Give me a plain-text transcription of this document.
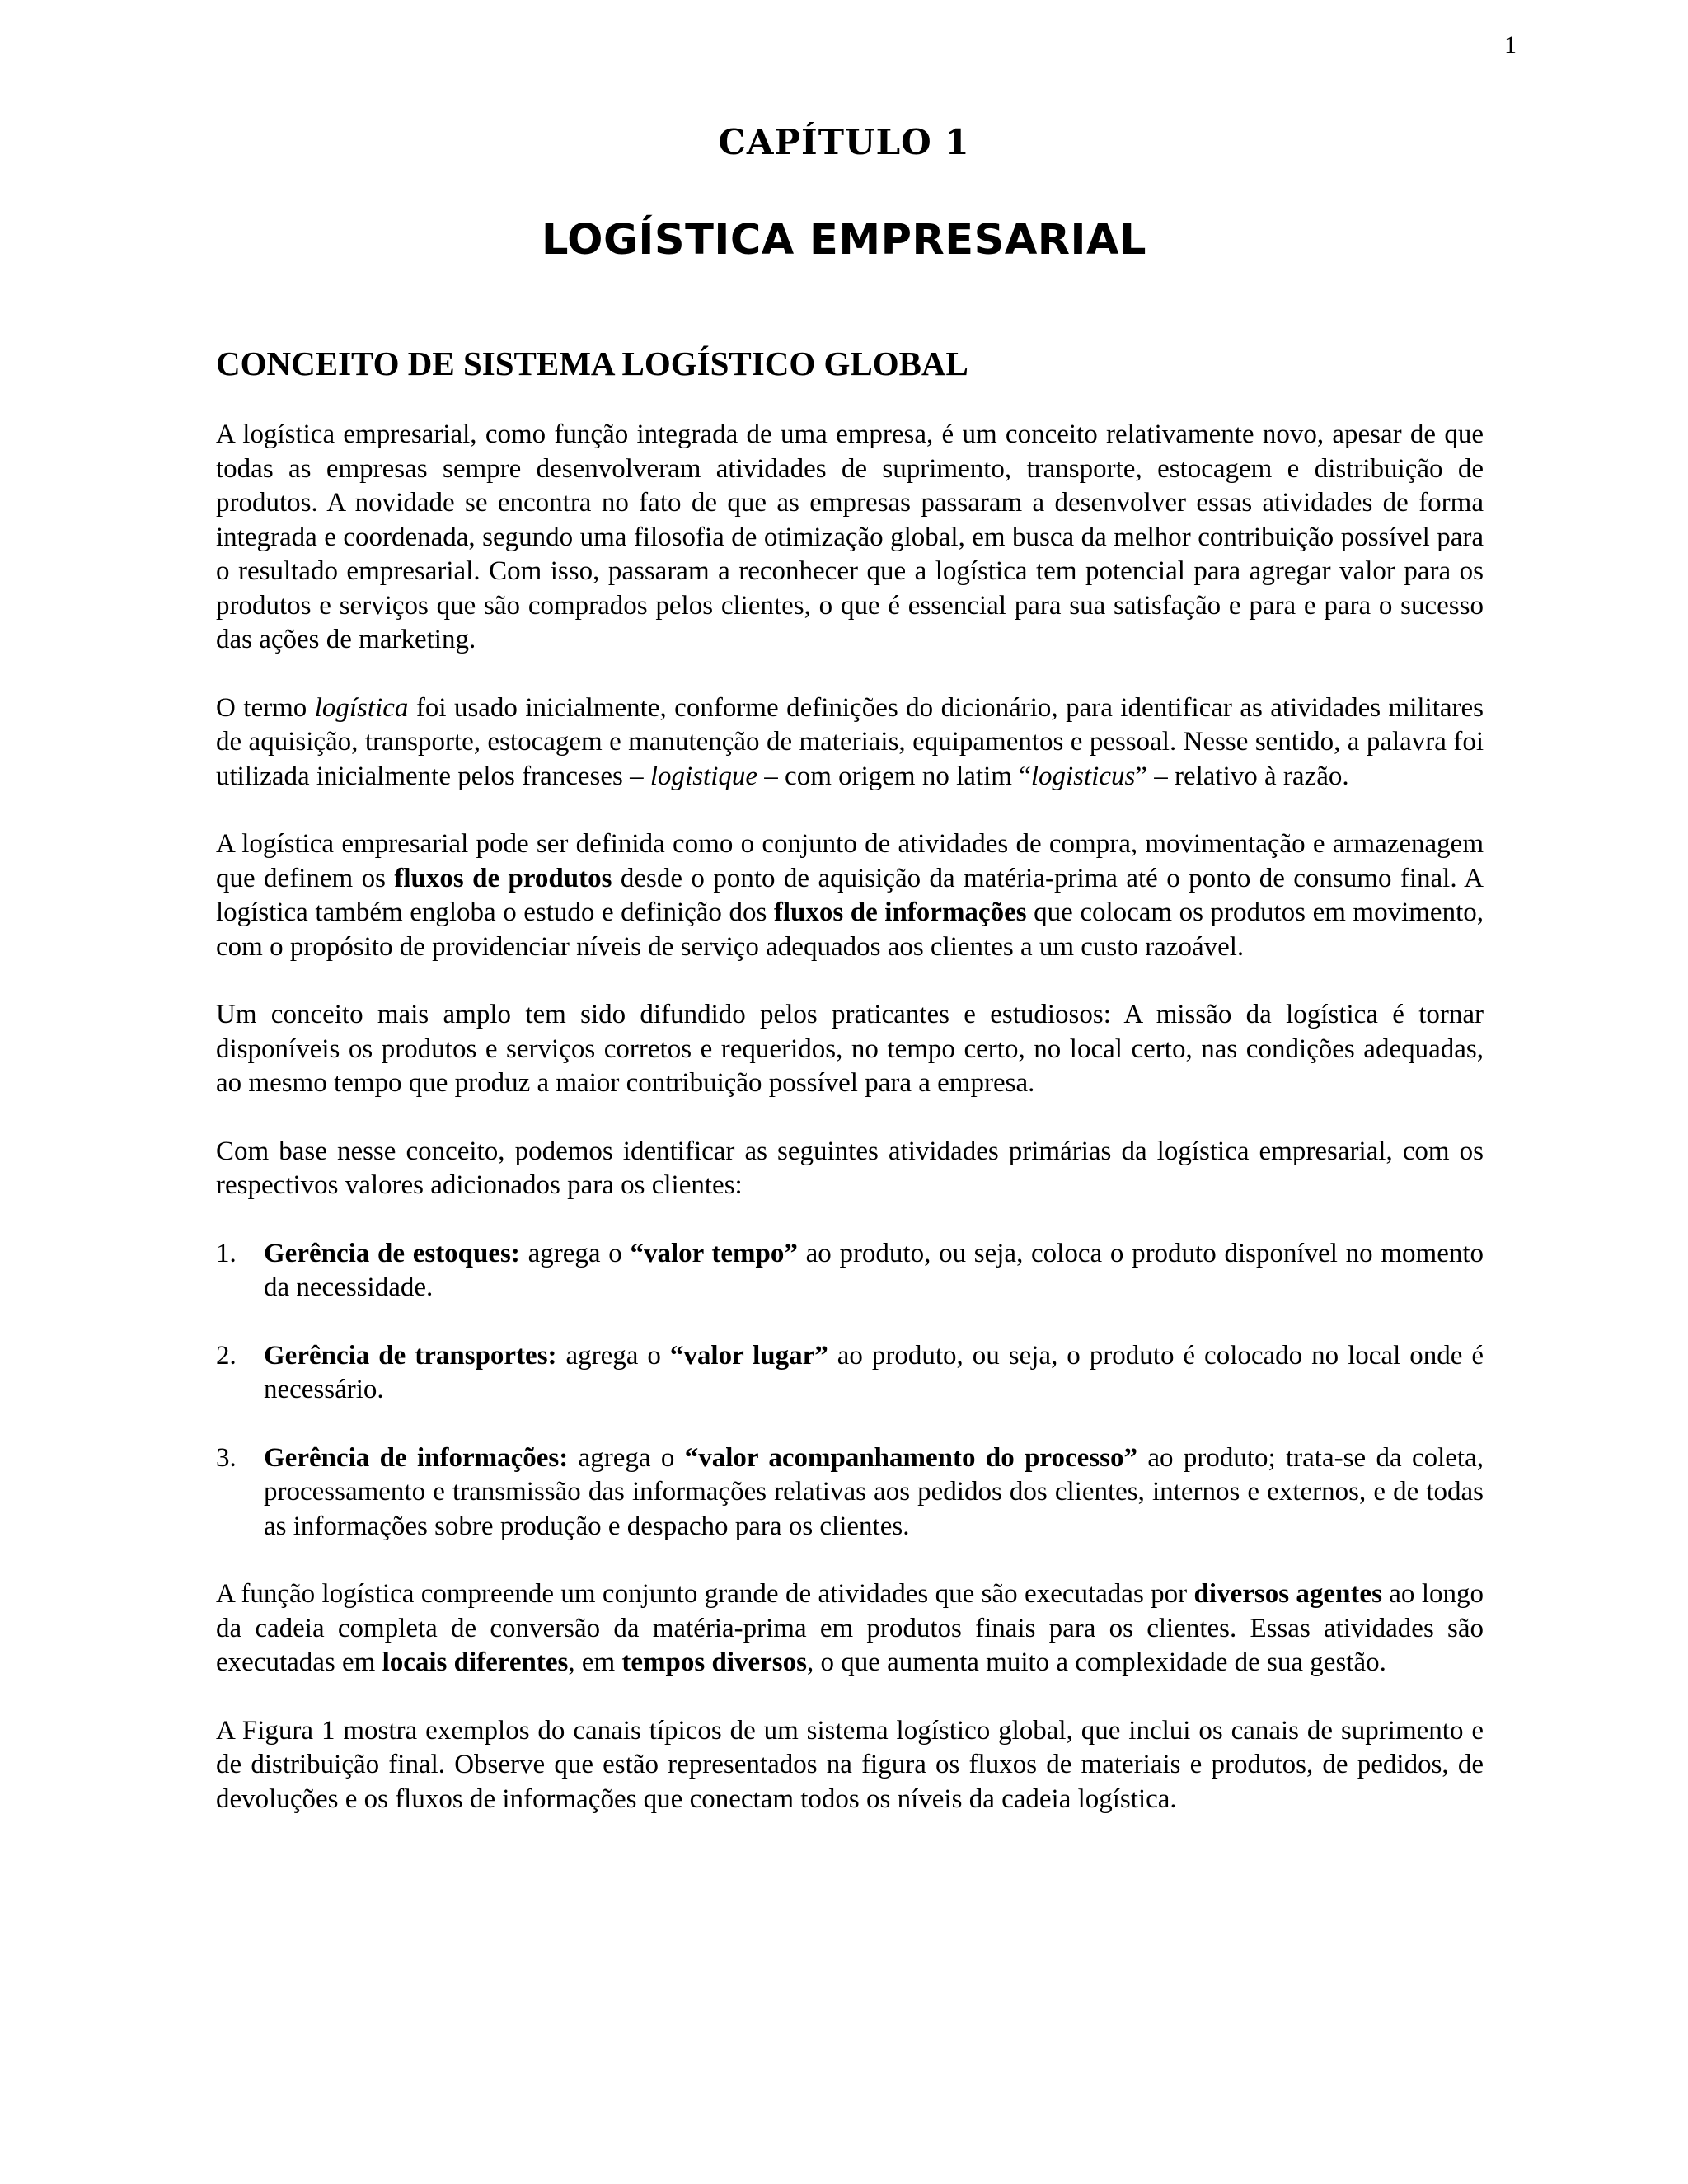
1

CAPÍTULO 1
LOGÍSTICA EMPRESARIAL
CONCEITO DE SISTEMA LOGÍSTICO GLOBAL

A logística empresarial, como função integrada de uma empresa, é um conceito relativamente novo, apesar de que todas as empresas sempre desenvolveram atividades de suprimento, transporte, estocagem e distribuição de produtos. A novidade se encontra no fato de que as empresas passaram a desenvolver essas atividades de forma integrada e coordenada, segundo uma filosofia de otimização global, em busca da melhor contribuição possível para o resultado empresarial. Com isso, passaram a reconhecer que a logística tem potencial para agregar valor para os produtos e serviços que são comprados pelos clientes, o que é essencial para sua satisfação e para e para o sucesso das ações de marketing.

O termo logística foi usado inicialmente, conforme definições do dicionário, para identificar as atividades militares de aquisição, transporte, estocagem e manutenção de materiais, equipamentos e pessoal. Nesse sentido, a palavra foi utilizada inicialmente pelos franceses – logistique – com origem no latim “logisticus” – relativo à razão.

A logística empresarial pode ser definida como o conjunto de atividades de compra, movimentação e armazenagem que definem os fluxos de produtos desde o ponto de aquisição da matéria-prima até o ponto de consumo final. A logística também engloba o estudo e definição dos fluxos de informações que colocam os produtos em movimento, com o propósito de providenciar níveis de serviço adequados aos clientes a um custo razoável.

Um conceito mais amplo tem sido difundido pelos praticantes e estudiosos: A missão da logística é tornar disponíveis os produtos e serviços corretos e requeridos, no tempo certo, no local certo, nas condições adequadas, ao mesmo tempo que produz a maior contribuição possível para a empresa.

Com base nesse conceito, podemos identificar as seguintes atividades primárias da logística empresarial, com os respectivos valores adicionados para os clientes:

1. Gerência de estoques: agrega o “valor tempo” ao produto, ou seja, coloca o produto disponível no momento da necessidade.
2. Gerência de transportes: agrega o “valor lugar” ao produto, ou seja, o produto é colocado no local onde é necessário.
3. Gerência de informações: agrega o “valor acompanhamento do processo” ao produto; trata-se da coleta, processamento e transmissão das informações relativas aos pedidos dos clientes, internos e externos, e de todas as informações sobre produção e despacho para os clientes.

A função logística compreende um conjunto grande de atividades que são executadas por diversos agentes ao longo da cadeia completa de conversão da matéria-prima em produtos finais para os clientes. Essas atividades são executadas em locais diferentes, em tempos diversos, o que aumenta muito a complexidade de sua gestão.

A Figura 1 mostra exemplos do canais típicos de um sistema logístico global, que inclui os canais de suprimento e de distribuição final. Observe que estão representados na figura os fluxos de materiais e produtos, de pedidos, de devoluções e os fluxos de informações que conectam todos os níveis da cadeia logística.
